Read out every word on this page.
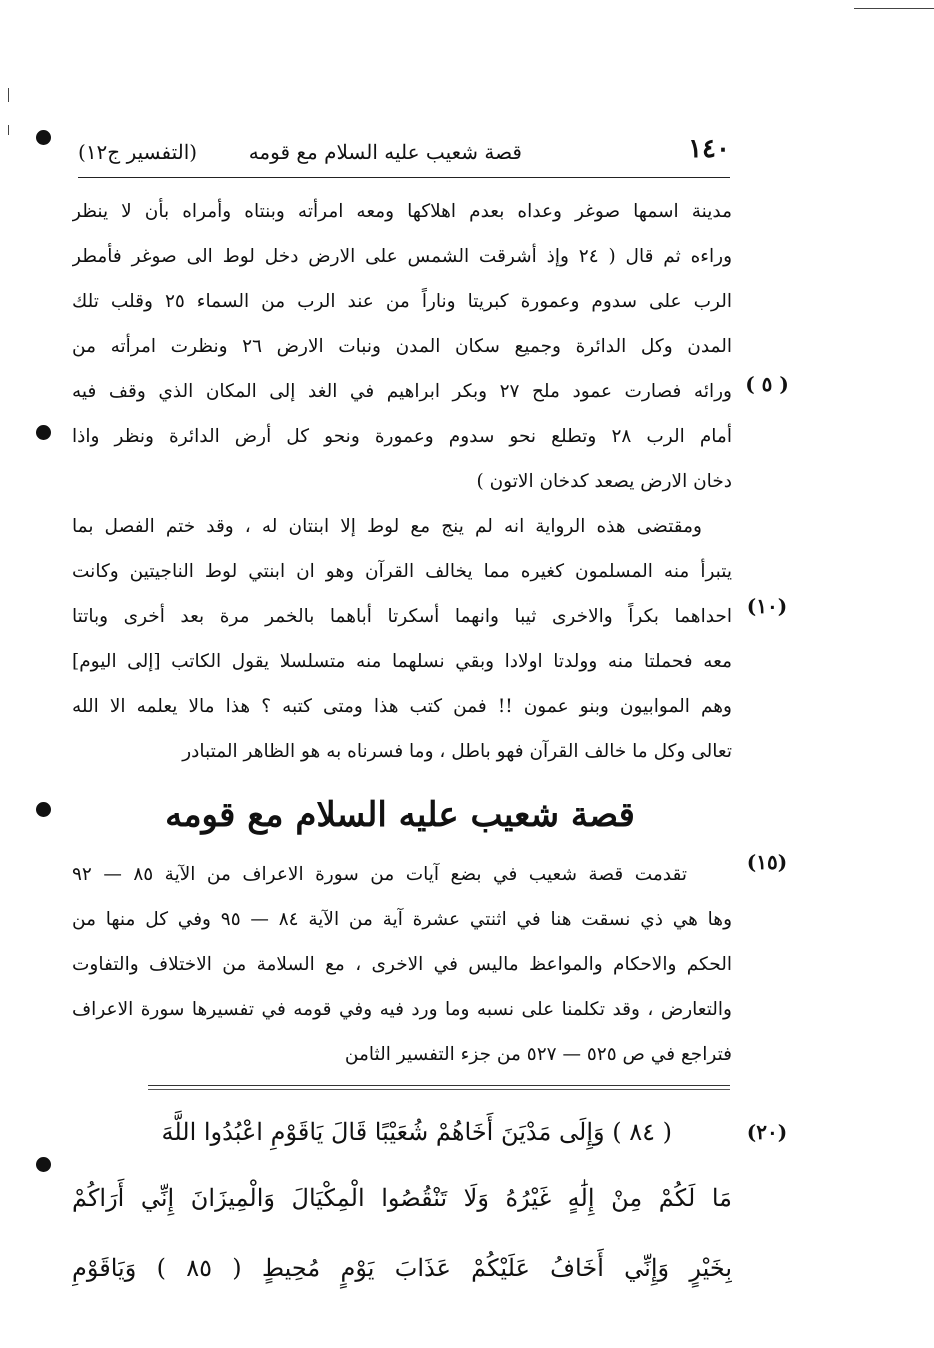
١٤٠
قصة شعيب عليه السلام مع قومه
(التفسير ج١٢)
( ٥ )
(١٠)
(١٥)
(٢٠)
مدينة اسمها صوغر وعداه بعدم اهلاكها ومعه امرأته وبنتاه وأمراه بأن لا ينظر
وراءه ثم قال ( ٢٤ وإذ أشرقت الشمس على الارض دخل لوط الى صوغر فأمطر
الرب على سدوم وعمورة كبريتا وناراً من عند الرب من السماء ٢٥ وقلب تلك
المدن وكل الدائرة وجميع سكان المدن ونبات الارض ٢٦ ونظرت امرأته من
ورائه فصارت عمود ملح ٢٧ وبكر ابراهيم في الغد إلى المكان الذي وقف فيه
أمام الرب ٢٨ وتطلع نحو سدوم وعمورة ونحو كل أرض الدائرة ونظر واذا
دخان الارض يصعد كدخان الاتون )
ومقتضى هذه الرواية انه لم ينج مع لوط إلا ابنتان له ، وقد ختم الفصل بما
يتبرأ منه المسلمون كغيره مما يخالف القرآن وهو ان ابنتي لوط الناجيتين وكانت
احداهما بكراً والاخرى ثيبا وانهما أسكرتا أباهما بالخمر مرة بعد أخرى وباتتا
معه فحملتا منه وولدتا اولادا وبقي نسلهما منه متسلسلا يقول الكاتب [إلى اليوم]
وهم الموابيون وبنو عمون !! فمن كتب هذا ومتى كتبه ؟ هذا مالا يعلمه الا الله
تعالى وكل ما خالف القرآن فهو باطل ، وما فسرناه به هو الظاهر المتبادر
قصة شعيب عليه السلام مع قومه
تقدمت قصة شعيب في بضع آيات من سورة الاعراف من الآية ٨٥ — ٩٢
وها هي ذي نسقت هنا في اثنتي عشرة آية من الآية ٨٤ — ٩٥ وفي كل منها من
الحكم والاحكام والمواعظ ماليس في الاخرى ، مع السلامة من الاختلاف والتفاوت
والتعارض ، وقد تكلمنا على نسبه وما ورد فيه وفي قومه في تفسيرها سورة الاعراف
فتراجع في ص ٥٢٥ — ٥٢٧ من جزء التفسير الثامن
( ٨٤ ) وَإِلَى مَدْيَنَ أَخَاهُمْ شُعَيْبًا قَالَ يَاقَوْمِ اعْبُدُوا اللَّهَ
مَا لَكُمْ مِنْ إِلَٰهٍ غَيْرُهُ وَلَا تَنْقُصُوا الْمِكْيَالَ وَالْمِيزَانَ إِنِّي أَرَاكُمْ
بِخَيْرٍ وَإِنِّي أَخَافُ عَلَيْكُمْ عَذَابَ يَوْمٍ مُحِيطٍ ( ٨٥ ) وَيَاقَوْمِ
